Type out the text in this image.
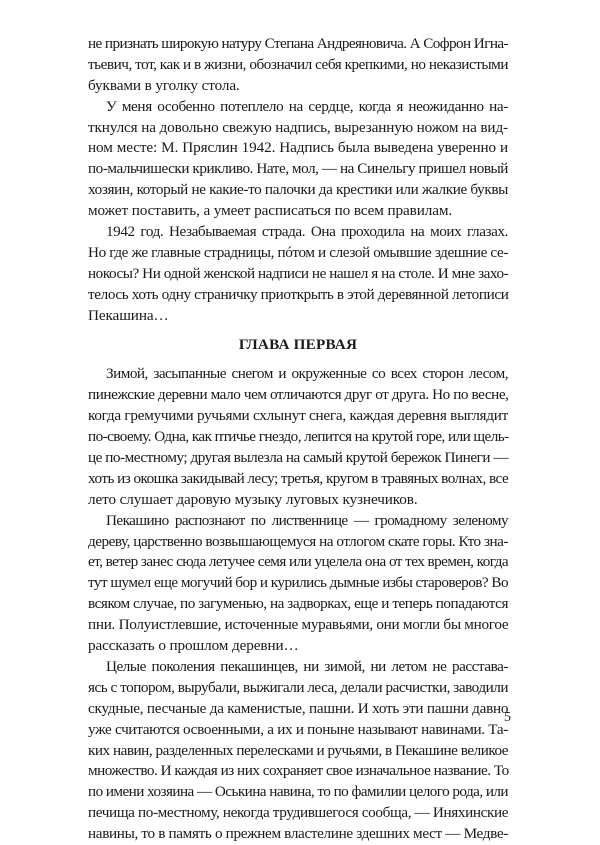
не признать широкую натуру Степана Андреяновича. А Софрон Игна-
тьевич, тот, как и в жизни, обозначил себя крепкими, но неказистыми
буквами в уголку стола.
У меня особенно потеплело на сердце, когда я неожиданно на-
ткнулся на довольно свежую надпись, вырезанную ножом на вид-
ном месте: М. Пряслин 1942. Надпись была выведена уверенно и
по-мальчишески крикливо. Нате, мол, — на Синельгу пришел новый
хозяин, который не какие-то палочки да крестики или жалкие буквы
может поставить, а умеет расписаться по всем правилам.
1942 год. Незабываемая страда. Она проходила на моих глазах.
Но где же главные страдницы, пóтом и слезой омывшие здешние се-
нокосы? Ни одной женской надписи не нашел я на столе. И мне захо-
телось хоть одну страничку приоткрыть в этой деревянной летописи
Пекашина…
ГЛАВА ПЕРВАЯ
Зимой, засыпанные снегом и окруженные со всех сторон лесом,
пинежские деревни мало чем отличаются друг от друга. Но по весне,
когда гремучими ручьями схлынут снега, каждая деревня выглядит
по-своему. Одна, как птичье гнездо, лепится на крутой горе, или щель-
це по-местному; другая вылезла на самый крутой бережок Пинеги —
хоть из окошка закидывай лесу; третья, кругом в травяных волнах, все
лето слушает даровую музыку луговых кузнечиков.
Пекашино распознают по лиственнице — громадному зеленому
дереву, царственно возвышающемуся на отлогом скате горы. Кто зна-
ет, ветер занес сюда летучее семя или уцелела она от тех времен, когда
тут шумел еще могучий бор и курились дымные избы староверов? Во
всяком случае, по загуменью, на задворках, еще и теперь попадаются
пни. Полуистлевшие, источенные муравьями, они могли бы многое
рассказать о прошлом деревни…
Целые поколения пекашинцев, ни зимой, ни летом не расстава-
ясь с топором, вырубали, выжигали леса, делали расчистки, заводили
скудные, песчаные да каменистые, пашни. И хоть эти пашни давно
уже считаются освоенными, а их и поныне называют навинами. Та-
ких навин, разделенных перелесками и ручьями, в Пекашине великое
множество. И каждая из них сохраняет свое изначальное название. То
по имени хозяина — Оськина навина, то по фамилии целого рода, или
печища по-местному, некогда трудившегося сообща, — Иняхинские
навины, то в память о прежнем властелине здешних мест — Медве-
5
